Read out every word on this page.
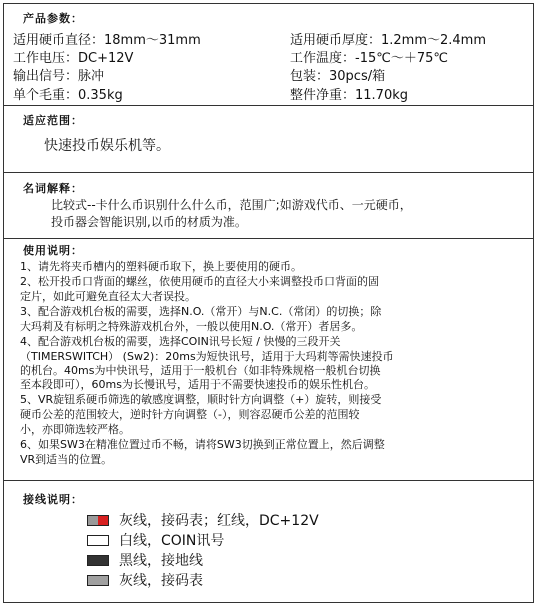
产品参数：
适用硬币直径：18mm～31mm	适用硬币厚度：1.2mm～2.4mm
工作电压：DC+12V	工作温度：-15℃～＋75℃
输出信号：脉冲	包装：30pcs/箱
单个毛重：0.35kg	整件净重：11.70kg
适应范围：
快速投币娱乐机等。
名词解释：
比较式--卡什么币识别什么什么币，范围广;如游戏代币、一元硬币，
投币器会智能识别,以币的材质为准。
使用说明：
1、请先将夹币槽内的塑料硬币取下，换上要使用的硬币。
2、松开投币口背面的螺丝，依使用硬币的直径大小来调整投币口背面的固
定片，如此可避免直径太大者误投。
3、配合游戏机台板的需要，选择N.O.（常开）与N.C.（常闭）的切换；除
大玛莉及有标明之特殊游戏机台外，一般以使用N.O.（常开）者居多。
4、配合游戏机台板的需要，选择COIN讯号长短 / 快慢的三段开关
（TIMERSWITCH） (Sw2)：20ms为短快讯号，适用于大玛莉等需快速投币
的机台。40ms为中快讯号，适用于一般机台（如非特殊规格一般机台切换
至本段即可），60ms为长慢讯号，适用于不需要快速投币的娱乐性机台。
5、VR旋钮系硬币筛选的敏感度调整，顺时针方向调整（+）旋转，则接受
硬币公差的范围较大，逆时针方向调整（-），则容忍硬币公差的范围较
小，亦即筛选较严格。
6、如果SW3在精准位置过币不畅，请将SW3切换到正常位置上，然后调整
VR到适当的位置。
接线说明：
灰线，接码表；红线，DC+12V
白线，COIN讯号
黑线，接地线
灰线，接码表
